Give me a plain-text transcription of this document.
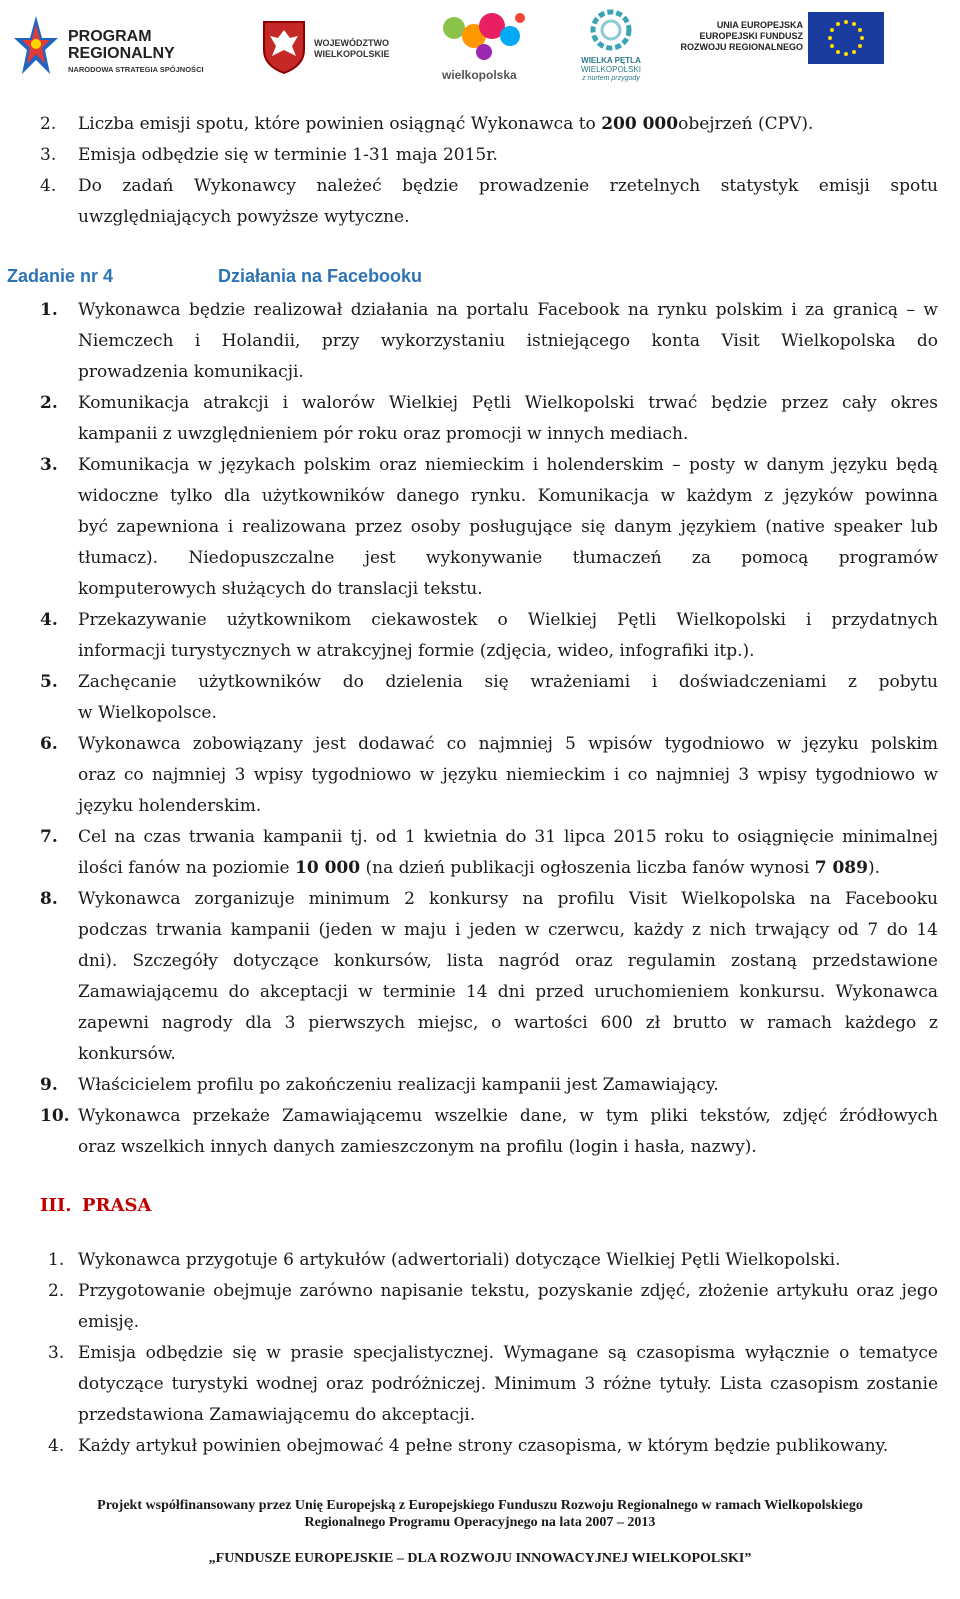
PROGRAM
REGIONALNY
NARODOWA STRATEGIA SPÓJNOŚCI
WOJEWÓDZTWO
WIELKOPOLSKIE
wielkopolska
WIELKA PĘTLA
WIELKOPOLSKI
z nurtem przygody
UNIA EUROPEJSKA
EUROPEJSKI FUNDUSZ
ROZWOJU REGIONALNEGO
2. Liczba emisji spotu, które powinien osiągnąć Wykonawca to 200 000obejrzeń (CPV).
3. Emisja odbędzie się w terminie 1-31 maja 2015r.
4. Do zadań Wykonawcy należeć będzie prowadzenie rzetelnych statystyk emisji spotu
uwzględniających powyższe wytyczne.
Zadanie nr 4	Działania na Facebooku
1. Wykonawca będzie realizował działania na portalu Facebook na rynku polskim i za granicą – w
Niemczech i Holandii, przy wykorzystaniu istniejącego konta Visit Wielkopolska do
prowadzenia komunikacji.
2. Komunikacja atrakcji i walorów Wielkiej Pętli Wielkopolski trwać będzie przez cały okres
kampanii z uwzględnieniem pór roku oraz promocji w innych mediach.
3. Komunikacja w językach polskim oraz niemieckim i holenderskim – posty w danym języku będą
widoczne tylko dla użytkowników danego rynku. Komunikacja w każdym z języków powinna
być zapewniona i realizowana przez osoby posługujące się danym językiem (native speaker lub
tłumacz). Niedopuszczalne jest wykonywanie tłumaczeń za pomocą programów
komputerowych służących do translacji tekstu.
4. Przekazywanie użytkownikom ciekawostek o Wielkiej Pętli Wielkopolski i przydatnych
informacji turystycznych w atrakcyjnej formie (zdjęcia, wideo, infografiki itp.).
5. Zachęcanie użytkowników do dzielenia się wrażeniami i doświadczeniami z pobytu
w Wielkopolsce.
6. Wykonawca zobowiązany jest dodawać co najmniej 5 wpisów tygodniowo w języku polskim
oraz co najmniej 3 wpisy tygodniowo w języku niemieckim i co najmniej 3 wpisy tygodniowo w
języku holenderskim.
7. Cel na czas trwania kampanii tj. od 1 kwietnia do 31 lipca 2015 roku to osiągnięcie minimalnej
ilości fanów na poziomie 10 000 (na dzień publikacji ogłoszenia liczba fanów wynosi 7 089).
8. Wykonawca zorganizuje minimum 2 konkursy na profilu Visit Wielkopolska na Facebooku
podczas trwania kampanii (jeden w maju i jeden w czerwcu, każdy z nich trwający od 7 do 14
dni). Szczegóły dotyczące konkursów, lista nagród oraz regulamin zostaną przedstawione
Zamawiającemu do akceptacji w terminie 14 dni przed uruchomieniem konkursu. Wykonawca
zapewni nagrody dla 3 pierwszych miejsc, o wartości 600 zł brutto w ramach każdego z
konkursów.
9. Właścicielem profilu po zakończeniu realizacji kampanii jest Zamawiający.
10. Wykonawca przekaże Zamawiającemu wszelkie dane, w tym pliki tekstów, zdjęć źródłowych
oraz wszelkich innych danych zamieszczonym na profilu (login i hasła, nazwy).
III. PRASA
1. Wykonawca przygotuje 6 artykułów (adwertoriali) dotyczące Wielkiej Pętli Wielkopolski.
2. Przygotowanie obejmuje zarówno napisanie tekstu, pozyskanie zdjęć, złożenie artykułu oraz jego
emisję.
3. Emisja odbędzie się w prasie specjalistycznej. Wymagane są czasopisma wyłącznie o tematyce
dotyczące turystyki wodnej oraz podróżniczej. Minimum 3 różne tytuły. Lista czasopism zostanie
przedstawiona Zamawiającemu do akceptacji.
4. Każdy artykuł powinien obejmować 4 pełne strony czasopisma, w którym będzie publikowany.
Projekt współfinansowany przez Unię Europejską z Europejskiego Funduszu Rozwoju Regionalnego w ramach Wielkopolskiego
Regionalnego Programu Operacyjnego na lata 2007 – 2013
„FUNDUSZE EUROPEJSKIE – DLA ROZWOJU INNOWACYJNEJ WIELKOPOLSKI”
